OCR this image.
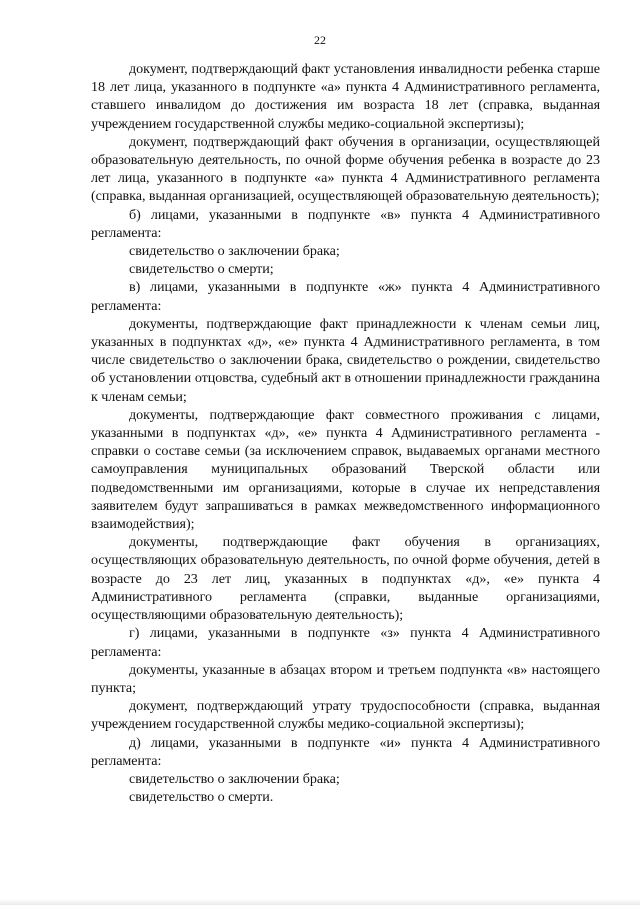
22

документ, подтверждающий факт установления инвалидности ребенка старше 18 лет лица, указанного в подпункте «а» пункта 4 Административного регламента, ставшего инвалидом до достижения им возраста 18 лет (справка, выданная учреждением государственной службы медико-социальной экспертизы);

документ, подтверждающий факт обучения в организации, осуществляющей образовательную деятельность, по очной форме обучения ребенка в возрасте до 23 лет лица, указанного в подпункте «а» пункта 4 Административного регламента (справка, выданная организацией, осуществляющей образовательную деятельность);

б) лицами, указанными в подпункте «в» пункта 4 Административного регламента:

свидетельство о заключении брака;

свидетельство о смерти;

в) лицами, указанными в подпункте «ж» пункта 4 Административного регламента:

документы, подтверждающие факт принадлежности к членам семьи лиц, указанных в подпунктах «д», «е» пункта 4 Административного регламента, в том числе свидетельство о заключении брака, свидетельство о рождении, свидетельство об установлении отцовства, судебный акт в отношении принадлежности гражданина к членам семьи;

документы, подтверждающие факт совместного проживания с лицами, указанными в подпунктах «д», «е» пункта 4 Административного регламента - справки о составе семьи (за исключением справок, выдаваемых органами местного самоуправления муниципальных образований Тверской области или подведомственными им организациями, которые в случае их непредставления заявителем будут запрашиваться в рамках межведомственного информационного взаимодействия);

документы, подтверждающие факт обучения в организациях, осуществляющих образовательную деятельность, по очной форме обучения, детей в возрасте до 23 лет лиц, указанных в подпунктах «д», «е» пункта 4 Административного регламента (справки, выданные организациями, осуществляющими образовательную деятельность);

г) лицами, указанными в подпункте «з» пункта 4 Административного регламента:

документы, указанные в абзацах втором и третьем подпункта «в» настоящего пункта;

документ, подтверждающий утрату трудоспособности (справка, выданная учреждением государственной службы медико-социальной экспертизы);

д) лицами, указанными в подпункте «и» пункта 4 Административного регламента:

свидетельство о заключении брака;

свидетельство о смерти.
